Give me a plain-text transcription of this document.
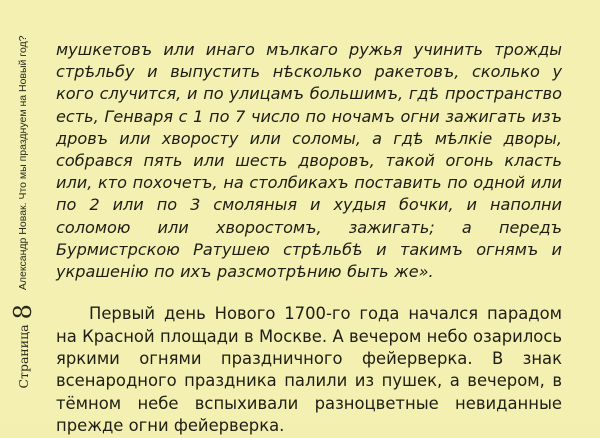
Страница
8
Александр Новак. Что мы празднуем на Новый год? мушкетовъ или инаго мълкаго ружья учинить трожды стрѣльбу и выпустить нѣсколько ракетовъ, сколько у кого случится, и по улицамъ большимъ, гдѣ пространство есть, Генваря с 1 по 7 число по ночамъ огни зажигать изъ дровъ или хворосту или соломы, а гдѣ мѣлкіе дворы, собрався пять или шесть дворовъ, такой огонь класть или, кто похочетъ, на столбикахъ поставить по одной или по 2 или по 3 смоляныя и худыя бочки, и наполни соломою или хворостомъ, зажигать; а передъ Бурмистрскою Ратушею стрѣльбѣ и такимъ огнямъ и украшенію по ихъ разсмотрѣнию быть же».

Первый день Нового 1700-го года начался парадом на Красной площади в Москве. А вечером небо озарилось яркими огнями праздничного фейерверка. В знак всенародного праздника палили из пушек, а вечером, в тёмном небе вспыхивали разноцветные невиданные прежде огни фейерверка.
